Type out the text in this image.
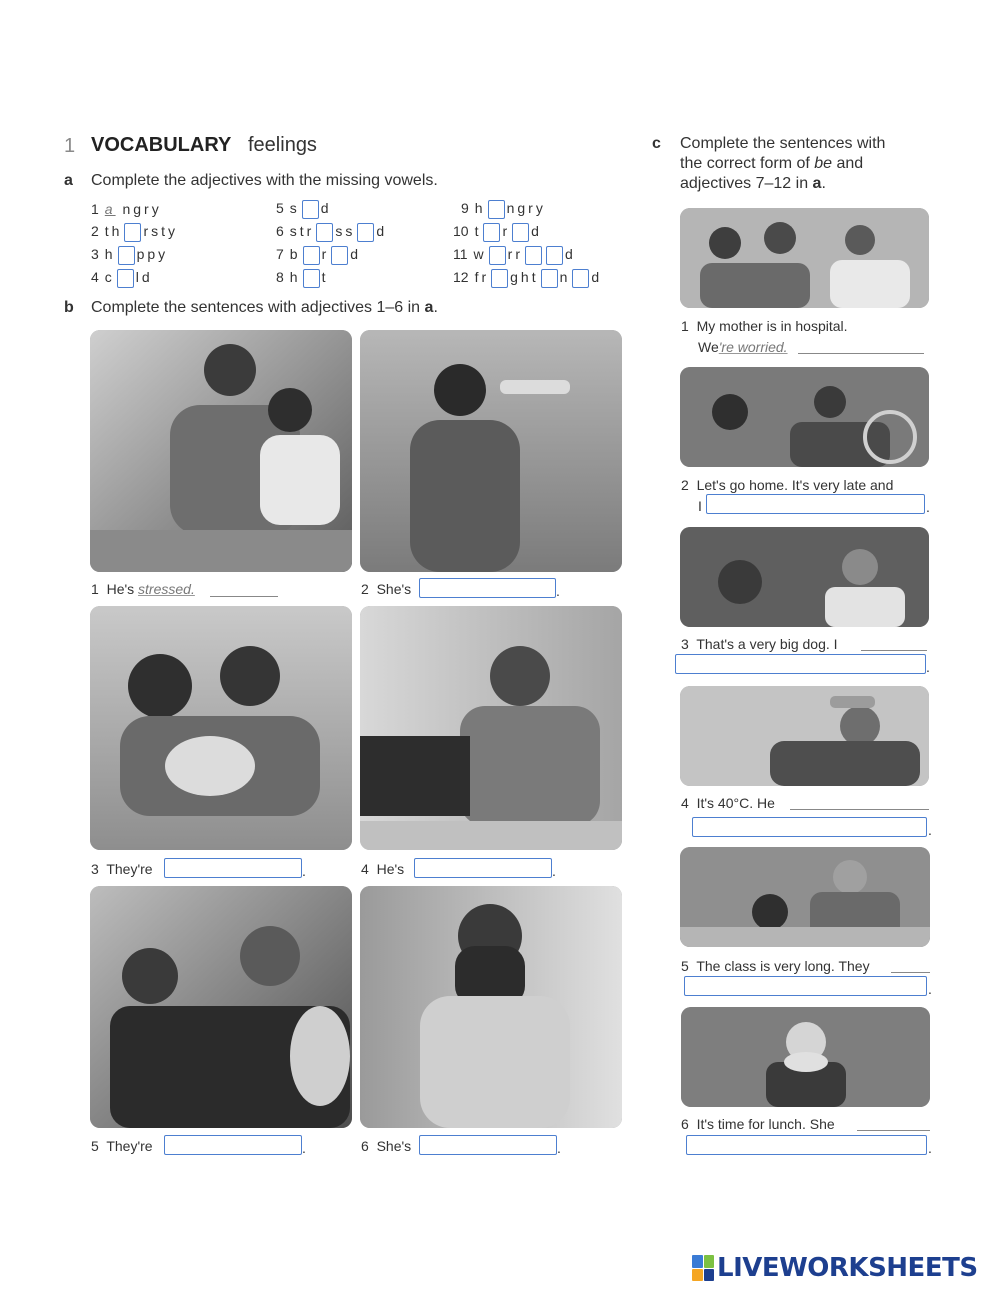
1 VOCABULARY feelings
a Complete the adjectives with the missing vowels.
1 a ngry
2 th rsty
3 h ppy
4 c ld
5 s d
6 str ss d
7 b r d
8 h t
9 h ngry
10 t r d
11 w rr	d
12 fr ght n d
b Complete the sentences with adjectives 1–6 in a.
1 He's stressed.	2 She's	.
3 They're	.	4 He's	.
5 They're	.	6 She's	.
c Complete the sentences with
the correct form of be and
adjectives 7–12 in a.
1 My mother is in hospital.
We're worried.
2 Let's go home. It's very late and
I	.
3 That's a very big dog. I
.
4 It's 40°C. He
.
5 The class is very long. They
.
6 It's time for lunch. She
.
LIVEWORKSHEETS
